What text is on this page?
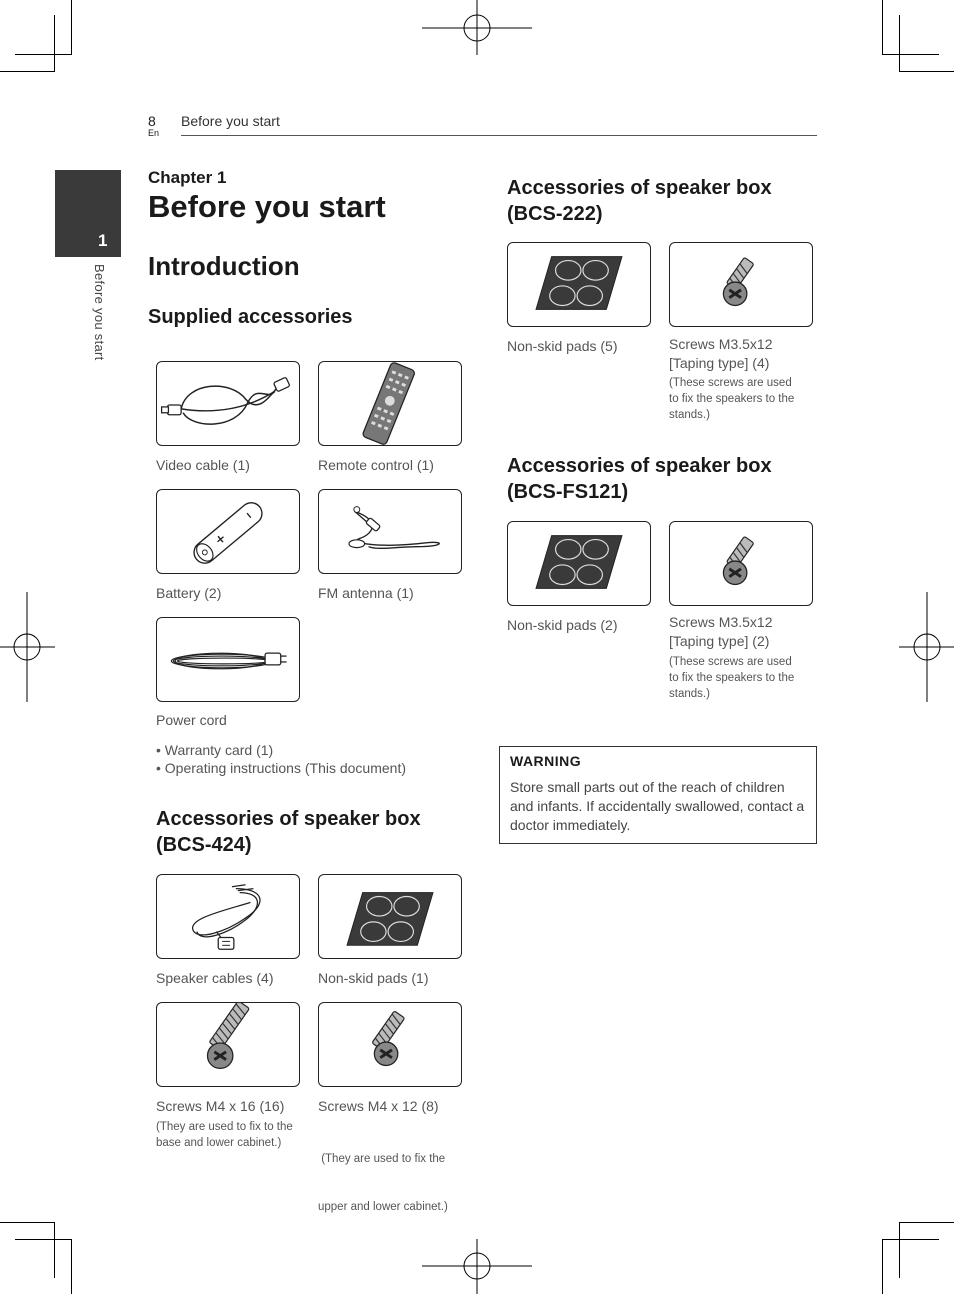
8
En
Before you start
1
Before you start
Chapter 1
Before you start
Introduction
Supplied accessories
Video cable (1)	Remote control (1)
Battery (2)	FM antenna (1)
Power cord
• Warranty card (1)
• Operating instructions (This document)
Accessories of speaker box
(BCS-424)
Speaker cables (4)	Non-skid pads (1)
Screws M4 x 16 (16)
(They are used to fix to the
base and lower cabinet.)
Screws M4 x 12 (8)

(They are used to fix the

upper and lower cabinet.)

Accessories of speaker box
(BCS-222)
Non-skid pads (5)	Screws M3.5x12
[Taping type] (4)
(These screws are used
to fix the speakers to the
stands.)
Accessories of speaker box
(BCS-FS121)
Non-skid pads (2)	Screws M3.5x12
[Taping type] (2)
(These screws are used
to fix the speakers to the
stands.)
WARNING
Store small parts out of the reach of children and infants. If accidentally swallowed, contact a doctor immediately.
